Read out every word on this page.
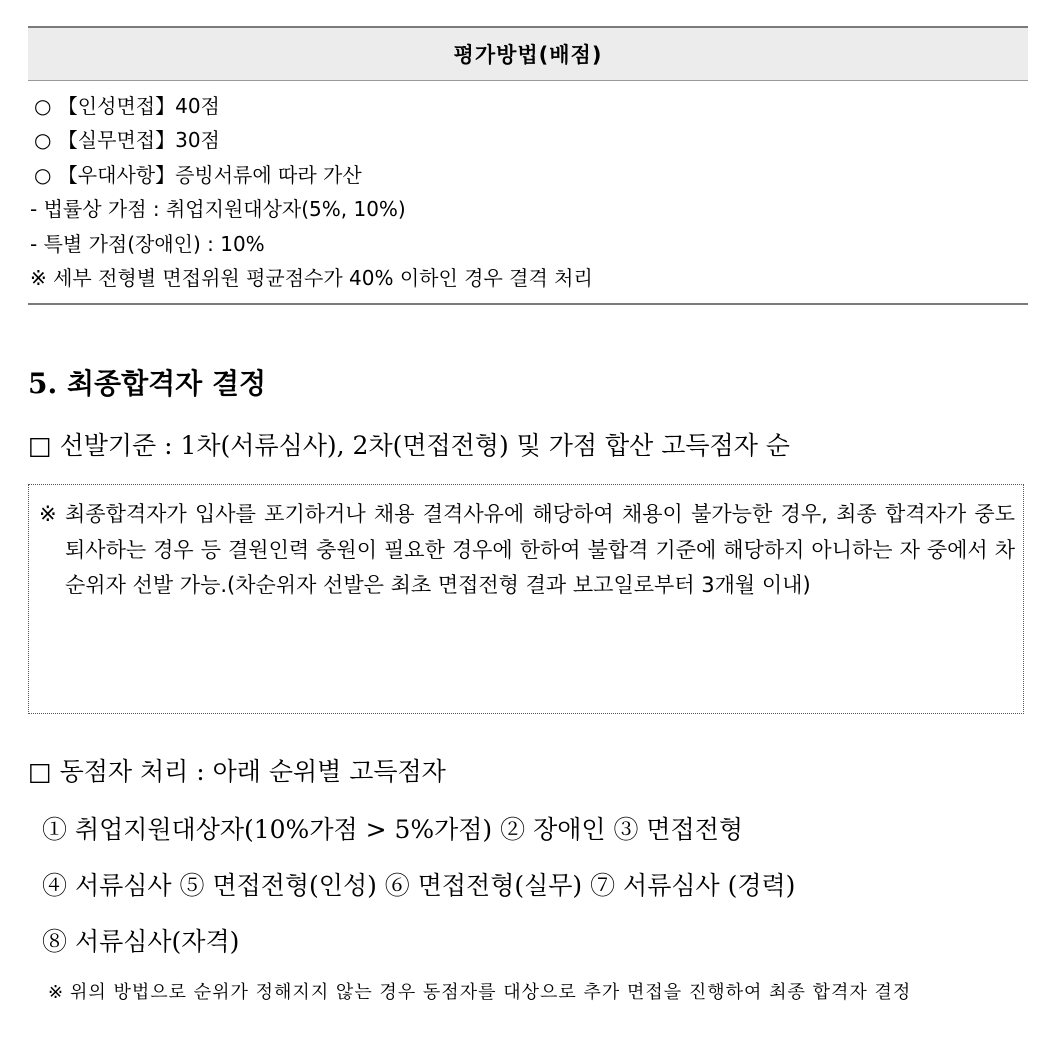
평가방법(배점)
○ 【인성면접】40점
○ 【실무면접】30점
○ 【우대사항】증빙서류에 따라 가산
- 법률상 가점 : 취업지원대상자(5%, 10%)
- 특별 가점(장애인) : 10%
※ 세부 전형별 면접위원 평균점수가 40% 이하인 경우 결격 처리
5. 최종합격자 결정
□ 선발기준 : 1차(서류심사), 2차(면접전형) 및 가점 합산 고득점자 순
※ 최종합격자가 입사를 포기하거나 채용 결격사유에 해당하여 채용이 불가능한 경우, 최종 합격자가 중도 퇴사하는 경우 등 결원인력 충원이 필요한 경우에 한하여 불합격 기준에 해당하지 아니하는 자 중에서 차순위자 선발 가능.(차순위자 선발은 최초 면접전형 결과 보고일로부터 3개월 이내)
□ 동점자 처리 : 아래 순위별 고득점자
① 취업지원대상자(10%가점 > 5%가점) ② 장애인 ③ 면접전형
④ 서류심사 ⑤ 면접전형(인성) ⑥ 면접전형(실무) ⑦ 서류심사 (경력)
⑧ 서류심사(자격)
※ 위의 방법으로 순위가 정해지지 않는 경우 동점자를 대상으로 추가 면접을 진행하여 최종 합격자 결정
